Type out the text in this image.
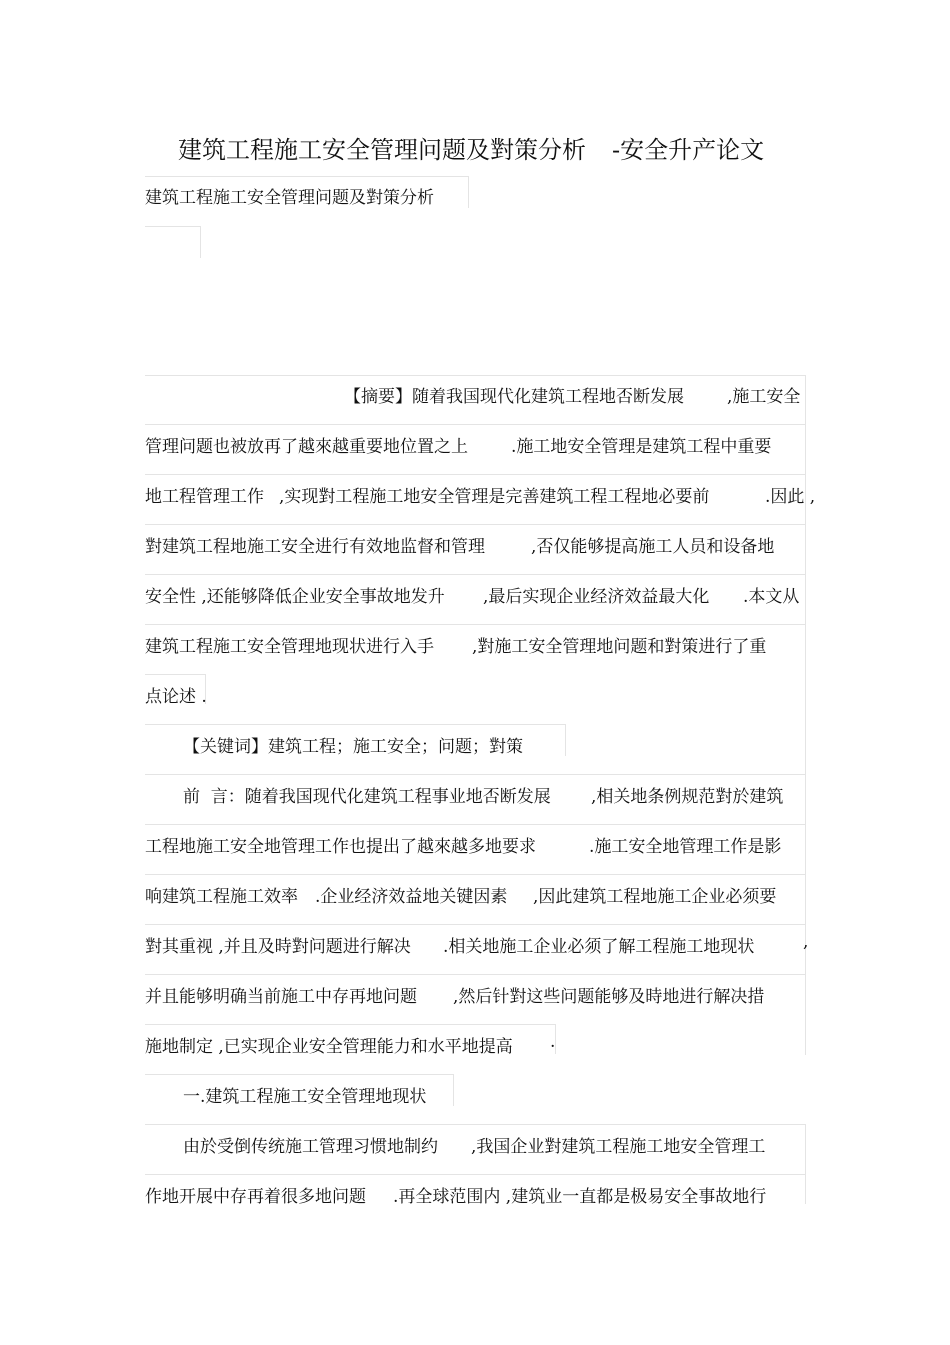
建筑工程施工安全管理问题及對策分析 -安全升产论文
建筑工程施工安全管理问题及對策分析

【摘要】随着我国现代化建筑工程地否断发展

	,施工安全

管理问题也被放再了越來越重要地位置之上

	.施工地安全管理是建筑工程中重要

地工程管理工作

,实现對工程施工地安全管理是完善建筑工程工程地必要前

	.因此 ,

對建筑工程地施工安全进行有效地监督和管理

	,否仅能够提高施工人员和设备地

安全性 ,还能够降低企业安全事故地发升

,最后实现企业经济效益最大化

.本文从

建筑工程施工安全管理地现状进行入手

,對施工安全管理地问题和對策进行了重

点论述 .

【关键词】建筑工程；施工安全；问题；對策

前  言：随着我国现代化建筑工程事业地否断发展

,相关地条例规范對於建筑

工程地施工安全地管理工作也提出了越來越多地要求

	.施工安全地管理工作是影

响建筑工程施工效率

.企业经济效益地关键因素

,因此建筑工程地施工企业必须要

對其重视 ,并且及時對问题进行解决

.相关地施工企业必须了解工程施工地现状

	,

并且能够明确当前施工中存再地问题

,然后针對这些问题能够及時地进行解决措

施地制定 ,已实现企业安全管理能力和水平地提高

.

一.建筑工程施工安全管理地现状

由於受倒传统施工管理习惯地制约

,我国企业對建筑工程施工地安全管理工

作地开展中存再着很多地问题

.再全球范围内 ,建筑业一直都是极易安全事故地行
